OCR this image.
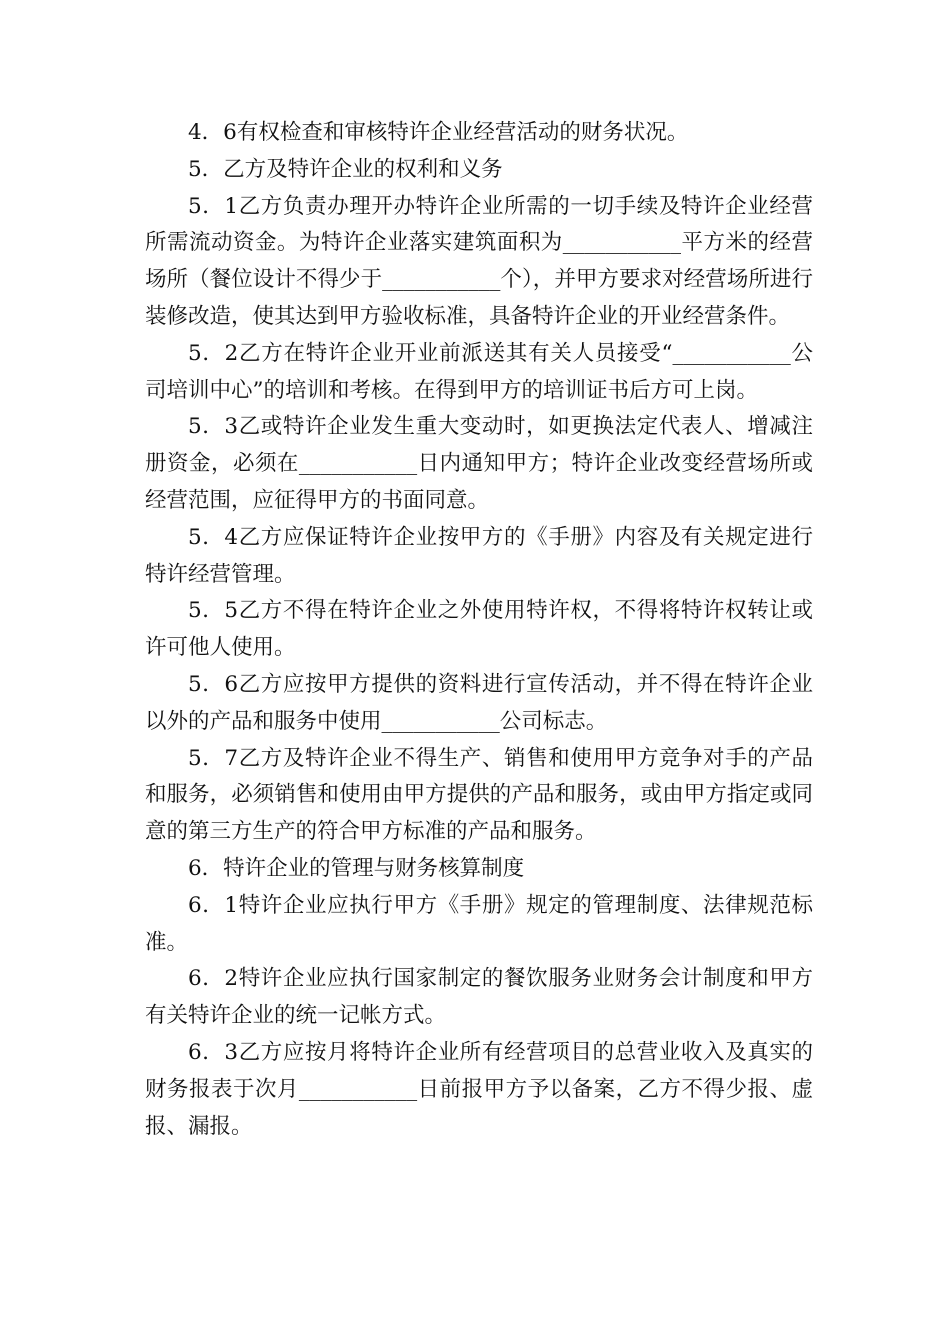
4．6有权检查和审核特许企业经营活动的财务状况。

5．乙方及特许企业的权利和义务

5．1乙方负责办理开办特许企业所需的一切手续及特许企业经营所需流动资金。为特许企业落实建筑面积为___________平方米的经营场所（餐位设计不得少于___________个），并甲方要求对经营场所进行装修改造，使其达到甲方验收标准，具备特许企业的开业经营条件。

5．2乙方在特许企业开业前派送其有关人员接受“___________公司培训中心”的培训和考核。在得到甲方的培训证书后方可上岗。

5．3乙或特许企业发生重大变动时，如更换法定代表人、增减注册资金，必须在___________日内通知甲方；特许企业改变经营场所或经营范围，应征得甲方的书面同意。

5．4乙方应保证特许企业按甲方的《手册》内容及有关规定进行特许经营管理。

5．5乙方不得在特许企业之外使用特许权，不得将特许权转让或许可他人使用。

5．6乙方应按甲方提供的资料进行宣传活动，并不得在特许企业以外的产品和服务中使用___________公司标志。

5．7乙方及特许企业不得生产、销售和使用甲方竞争对手的产品和服务，必须销售和使用由甲方提供的产品和服务，或由甲方指定或同意的第三方生产的符合甲方标准的产品和服务。

6．特许企业的管理与财务核算制度

6．1特许企业应执行甲方《手册》规定的管理制度、法律规范标准。

6．2特许企业应执行国家制定的餐饮服务业财务会计制度和甲方有关特许企业的统一记帐方式。

6．3乙方应按月将特许企业所有经营项目的总营业收入及真实的财务报表于次月___________日前报甲方予以备案，乙方不得少报、虚报、漏报。
